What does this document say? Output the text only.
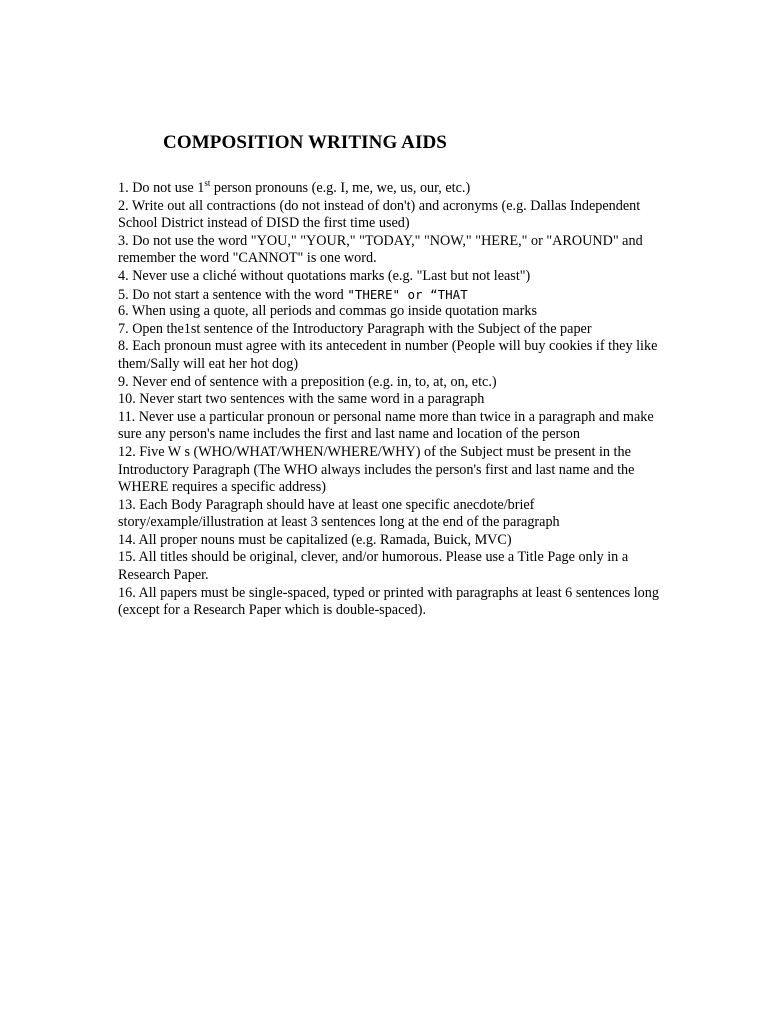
COMPOSITION WRITING AIDS
1. Do not use 1st person pronouns (e.g. I, me, we, us, our, etc.)
2. Write out all contractions (do not instead of don't) and acronyms (e.g. Dallas Independent
School District instead of DISD the first time used)
3. Do not use the word "YOU," "YOUR," "TODAY," "NOW," "HERE," or "AROUND" and
remember the word "CANNOT" is one word.
4. Never use a cliché without quotations marks (e.g. "Last but not least")
5. Do not start a sentence with the word "THERE" or “THAT
6. When using a quote, all periods and commas go inside quotation marks
7. Open the1st sentence of the Introductory Paragraph with the Subject of the paper
8. Each pronoun must agree with its antecedent in number (People will buy cookies if they like
them/Sally will eat her hot dog)
9. Never end of sentence with a preposition (e.g. in, to, at, on, etc.)
10. Never start two sentences with the same word in a paragraph
11. Never use a particular pronoun or personal name more than twice in a paragraph and make
sure any person's name includes the first and last name and location of the person
12. Five W s (WHO/WHAT/WHEN/WHERE/WHY) of the Subject must be present in the
Introductory Paragraph (The WHO always includes the person's first and last name and the
WHERE requires a specific address)
13. Each Body Paragraph should have at least one specific anecdote/brief
story/example/illustration at least 3 sentences long at the end of the paragraph
14. All proper nouns must be capitalized (e.g. Ramada, Buick, MVC)
15. All titles should be original, clever, and/or humorous. Please use a Title Page only in a
Research Paper.
16. All papers must be single-spaced, typed or printed with paragraphs at least 6 sentences long
(except for a Research Paper which is double-spaced).
